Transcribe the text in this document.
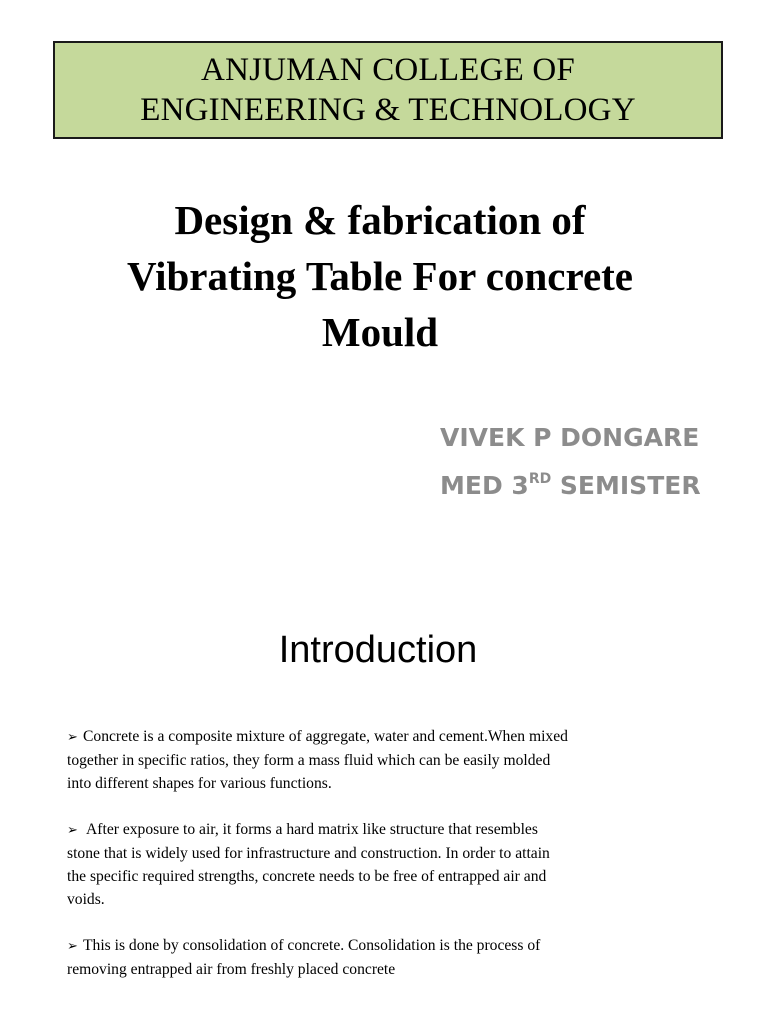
ANJUMAN COLLEGE OF
ENGINEERING & TECHNOLOGY
Design & fabrication of
Vibrating Table For concrete
Mould
VIVEK P DONGARE
MED 3RD SEMISTER
Introduction
➢ Concrete is a composite mixture of aggregate, water and cement.When mixed
together in specific ratios, they form a mass fluid which can be easily molded
into different shapes for various functions.
➢ After exposure to air, it forms a hard matrix like structure that resembles
stone that is widely used for infrastructure and construction. In order to attain
the specific required strengths, concrete needs to be free of entrapped air and
voids.
➢ This is done by consolidation of concrete. Consolidation is the process of
removing entrapped air from freshly placed concrete
